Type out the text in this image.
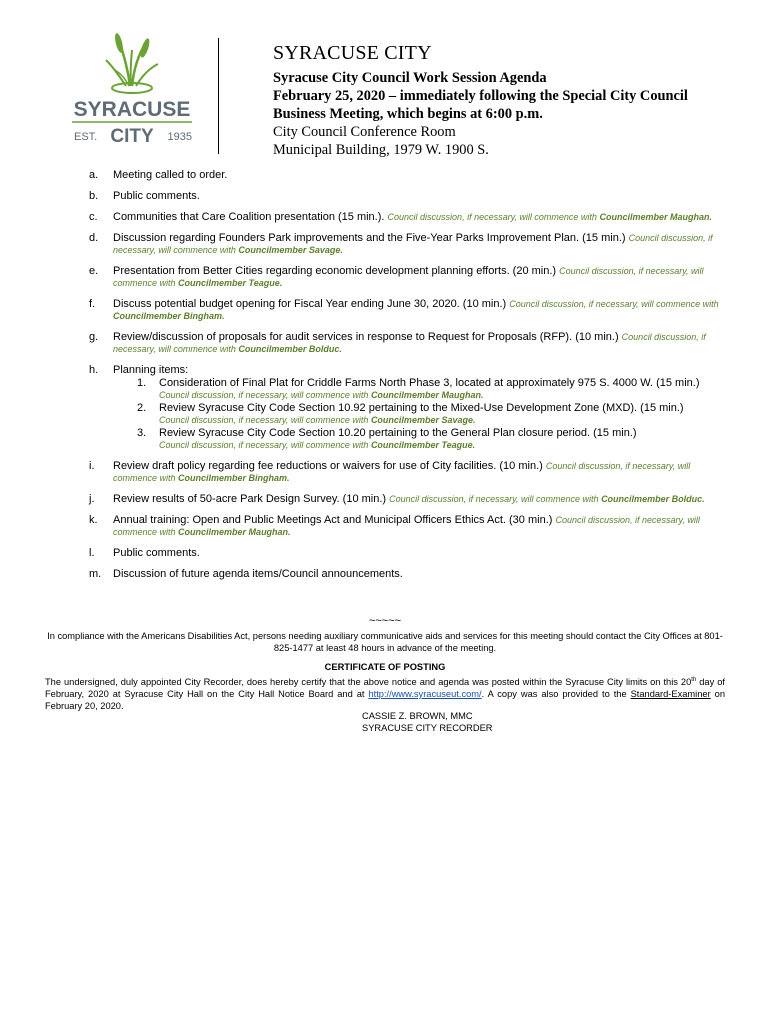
SYRACUSE
EST. CITY 1935
SYRACUSE CITY
Syracuse City Council Work Session Agenda
February 25, 2020 – immediately following the Special City Council
Business Meeting, which begins at 6:00 p.m.
City Council Conference Room
Municipal Building, 1979 W. 1900 S.
a. Meeting called to order.
b. Public comments.
c. Communities that Care Coalition presentation (15 min.). Council discussion, if necessary, will commence with Councilmember Maughan.
d. Discussion regarding Founders Park improvements and the Five-Year Parks Improvement Plan. (15 min.) Council discussion, if necessary, will commence with Councilmember Savage.
e. Presentation from Better Cities regarding economic development planning efforts. (20 min.) Council discussion, if necessary, will commence with Councilmember Teague.
f. Discuss potential budget opening for Fiscal Year ending June 30, 2020. (10 min.) Council discussion, if necessary, will commence with Councilmember Bingham.
g. Review/discussion of proposals for audit services in response to Request for Proposals (RFP). (10 min.) Council discussion, if necessary, will commence with Councilmember Bolduc.
h. Planning items:
1. Consideration of Final Plat for Criddle Farms North Phase 3, located at approximately 975 S. 4000 W. (15 min.)
Council discussion, if necessary, will commence with Councilmember Maughan.
2. Review Syracuse City Code Section 10.92 pertaining to the Mixed-Use Development Zone (MXD). (15 min.)
Council discussion, if necessary, will commence with Councilmember Savage.
3. Review Syracuse City Code Section 10.20 pertaining to the General Plan closure period. (15 min.)
Council discussion, if necessary, will commence with Councilmember Teague.
i. Review draft policy regarding fee reductions or waivers for use of City facilities. (10 min.) Council discussion, if necessary, will commence with Councilmember Bingham.
j. Review results of 50-acre Park Design Survey. (10 min.) Council discussion, if necessary, will commence with Councilmember Bolduc.
k. Annual training: Open and Public Meetings Act and Municipal Officers Ethics Act. (30 min.) Council discussion, if necessary, will commence with Councilmember Maughan.
l. Public comments.
m. Discussion of future agenda items/Council announcements.
~~~~~
In compliance with the Americans Disabilities Act, persons needing auxiliary communicative aids and services for this meeting should contact the City Offices at 801-825-1477 at least 48 hours in advance of the meeting.
CERTIFICATE OF POSTING
The undersigned, duly appointed City Recorder, does hereby certify that the above notice and agenda was posted within the Syracuse City limits on this 20th day of February, 2020 at Syracuse City Hall on the City Hall Notice Board and at http://www.syracuseut.com/. A copy was also provided to the Standard-Examiner on February 20, 2020.
CASSIE Z. BROWN, MMC
SYRACUSE CITY RECORDER
